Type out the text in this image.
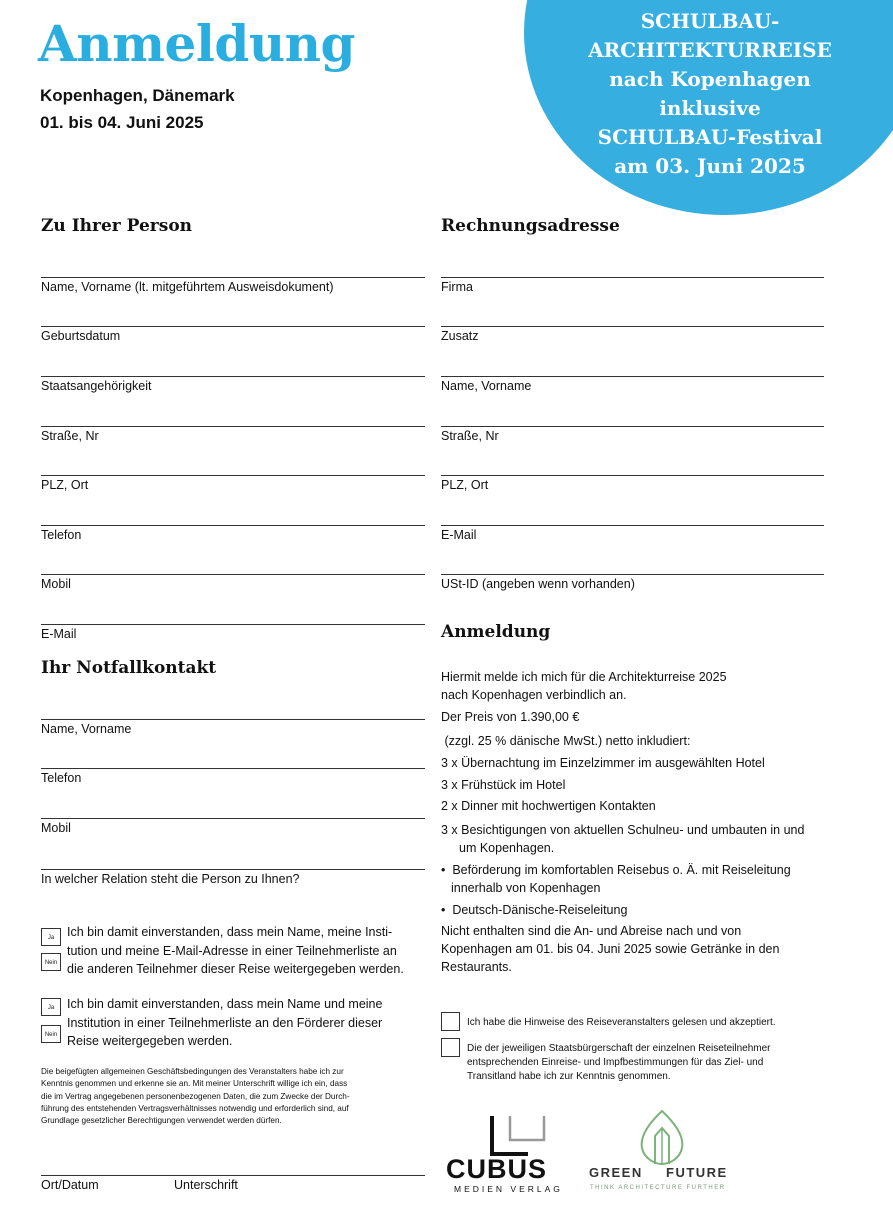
Anmeldung
Kopenhagen, Dänemark
01. bis 04. Juni 2025
SCHULBAU-
ARCHITEKTURREISE
nach Kopenhagen
inklusive
SCHULBAU-Festival
am 03. Juni 2025
Zu Ihrer Person
Name, Vorname (lt. mitgeführtem Ausweisdokument)
Geburtsdatum
Staatsangehörigkeit
Straße, Nr
PLZ, Ort
Telefon
Mobil
E-Mail
Ihr Notfallkontakt
Name, Vorname
Telefon
Mobil
In welcher Relation steht die Person zu Ihnen?
Ja
Nein
Ich bin damit einverstanden, dass mein Name, meine Insti-
tution und meine E-Mail-Adresse in einer Teilnehmerliste an
die anderen Teilnehmer dieser Reise weitergegeben werden.
Ja
Nein
Ich bin damit einverstanden, dass mein Name und meine
Institution in einer Teilnehmerliste an den Förderer dieser
Reise weitergegeben werden.
Die beigefügten allgemeinen Geschäftsbedingungen des Veranstalters habe ich zur
Kenntnis genommen und erkenne sie an. Mit meiner Unterschrift willige ich ein, dass
die im Vertrag angegebenen personenbezogenen Daten, die zum Zwecke der Durch-
führung des entstehenden Vertragsverhältnisses notwendig und erforderlich sind, auf
Grundlage gesetzlicher Berechtigungen verwendet werden dürfen.
Ort/Datum	Unterschrift
Rechnungsadresse
Firma
Zusatz
Name, Vorname
Straße, Nr
PLZ, Ort
E-Mail
USt-ID (angeben wenn vorhanden)
Anmeldung
Hiermit melde ich mich für die Architekturreise 2025
nach Kopenhagen verbindlich an.
Der Preis von 1.390,00 €
(zzgl. 25 % dänische MwSt.) netto inkludiert:
3 x Übernachtung im Einzelzimmer im ausgewählten Hotel
3 x Frühstück im Hotel
2 x Dinner mit hochwertigen Kontakten
3 x Besichtigungen von aktuellen Schulneu- und umbauten in und
um Kopenhagen.
•  Beförderung im komfortablen Reisebus o. Ä. mit Reiseleitung
innerhalb von Kopenhagen
•  Deutsch-Dänische-Reiseleitung
Nicht enthalten sind die An- und Abreise nach und von
Kopenhagen am 01. bis 04. Juni 2025 sowie Getränke in den
Restaurants.
Ich habe die Hinweise des Reiseveranstalters gelesen und akzeptiert.
Die der jeweiligen Staatsbürgerschaft der einzelnen Reiseteilnehmer
entsprechenden Einreise- und Impfbestimmungen für das Ziel- und
Transitland habe ich zur Kenntnis genommen.
CUBUS
MEDIEN VERLAG
GREEN FUTURE
THINK ARCHITECTURE FURTHER
